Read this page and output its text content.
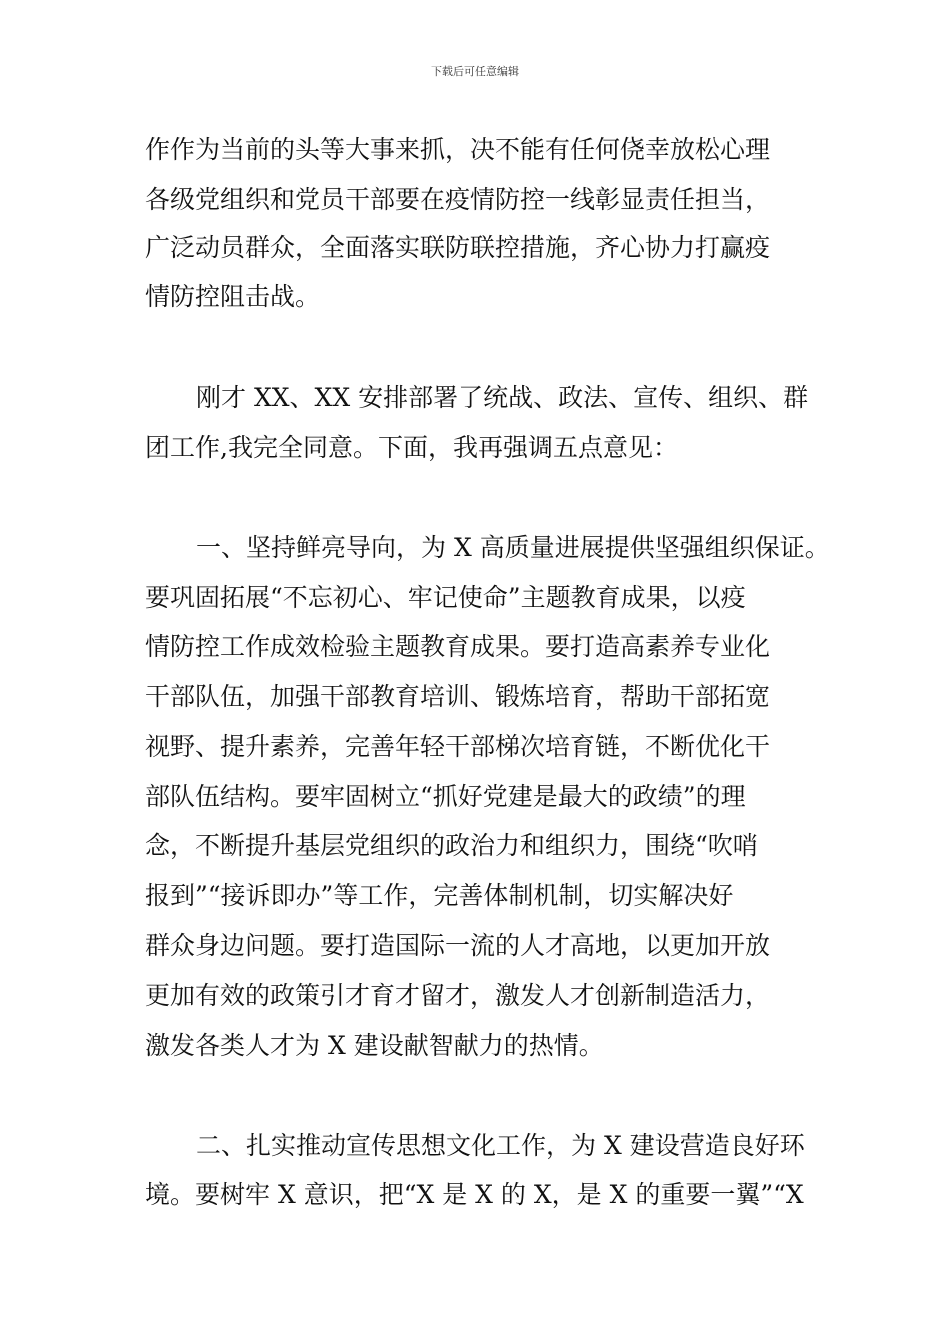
下载后可任意编辑
作作为当前的头等大事来抓，决不能有任何侥幸放松心理
各级党组织和党员干部要在疫情防控一线彰显责任担当，
广泛动员群众，全面落实联防联控措施，齐心协力打赢疫
情防控阻击战。
刚才 XX、XX 安排部署了统战、政法、宣传、组织、群
团工作,我完全同意。下面，我再强调五点意见：
一、坚持鲜亮导向，为 X 高质量进展提供坚强组织保证。
要巩固拓展“不忘初心、牢记使命”主题教育成果，以疫
情防控工作成效检验主题教育成果。要打造高素养专业化
干部队伍，加强干部教育培训、锻炼培育，帮助干部拓宽
视野、提升素养，完善年轻干部梯次培育链，不断优化干
部队伍结构。要牢固树立“抓好党建是最大的政绩”的理
念，不断提升基层党组织的政治力和组织力，围绕“吹哨
报到”“接诉即办”等工作，完善体制机制，切实解决好
群众身边问题。要打造国际一流的人才高地，以更加开放
更加有效的政策引才育才留才，激发人才创新制造活力，
激发各类人才为 X 建设献智献力的热情。
二、扎实推动宣传思想文化工作，为 X 建设营造良好环
境。要树牢 X 意识，把“X 是 X 的 X，是 X 的重要一翼”“X
